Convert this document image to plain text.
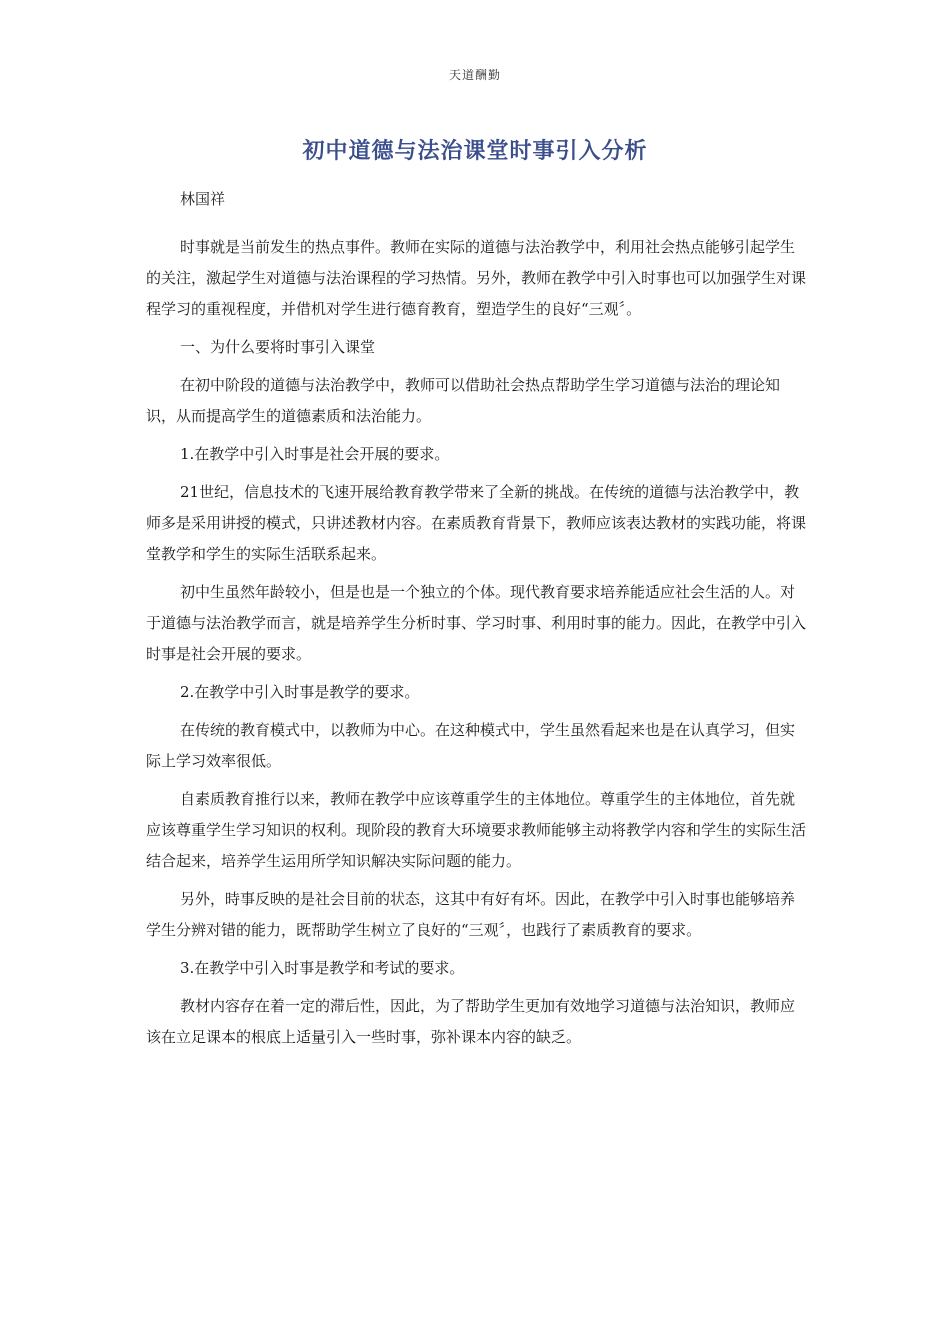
天道酬勤
初中道德与法治课堂时事引入分析
林国祥

时事就是当前发生的热点事件。教师在实际的道德与法治教学中，利用社会热点能够引起学生的关注，激起学生对道德与法治课程的学习热情。另外，教师在教学中引入时事也可以加强学生对课程学习的重视程度，并借机对学生进行德育教育，塑造学生的良好“三观〞。

一、为什么要将时事引入课堂

在初中阶段的道德与法治教学中，教师可以借助社会热点帮助学生学习道德与法治的理论知识，从而提高学生的道德素质和法治能力。

1.在教学中引入时事是社会开展的要求。

21世纪，信息技术的飞速开展给教育教学带来了全新的挑战。在传统的道德与法治教学中，教师多是采用讲授的模式，只讲述教材内容。在素质教育背景下，教师应该表达教材的实践功能，将课堂教学和学生的实际生活联系起来。

初中生虽然年龄较小，但是也是一个独立的个体。现代教育要求培养能适应社会生活的人。对于道德与法治教学而言，就是培养学生分析时事、学习时事、利用时事的能力。因此，在教学中引入时事是社会开展的要求。

2.在教学中引入时事是教学的要求。

在传统的教育模式中，以教师为中心。在这种模式中，学生虽然看起来也是在认真学习，但实际上学习效率很低。

自素质教育推行以来，教师在教学中应该尊重学生的主体地位。尊重学生的主体地位，首先就应该尊重学生学习知识的权利。现阶段的教育大环境要求教师能够主动将教学内容和学生的实际生活结合起来，培养学生运用所学知识解决实际问题的能力。

另外，時事反映的是社会目前的状态，这其中有好有坏。因此，在教学中引入时事也能够培养学生分辨对错的能力，既帮助学生树立了良好的“三观〞，也践行了素质教育的要求。

3.在教学中引入时事是教学和考试的要求。

教材内容存在着一定的滞后性，因此，为了帮助学生更加有效地学习道德与法治知识，教师应该在立足课本的根底上适量引入一些时事，弥补课本内容的缺乏。
